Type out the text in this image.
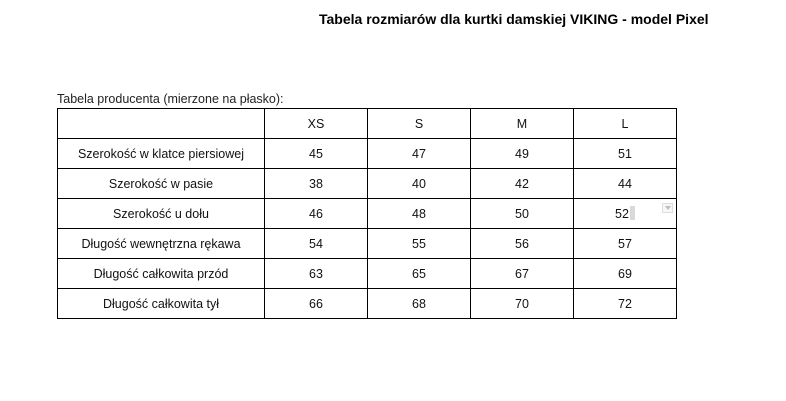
Tabela rozmiarów dla kurtki damskiej VIKING - model Pixel
Tabela producenta (mierzone na płasko):
	XS	S	M	L
Szerokość w klatce piersiowej	45	47	49	51
Szerokość w pasie	38	40	42	44
Szerokość u dołu	46	48	50	52

Długość wewnętrzna rękawa	54	55	56	57
Długość całkowita przód	63	65	67	69
Długość całkowita tył	66	68	70	72
